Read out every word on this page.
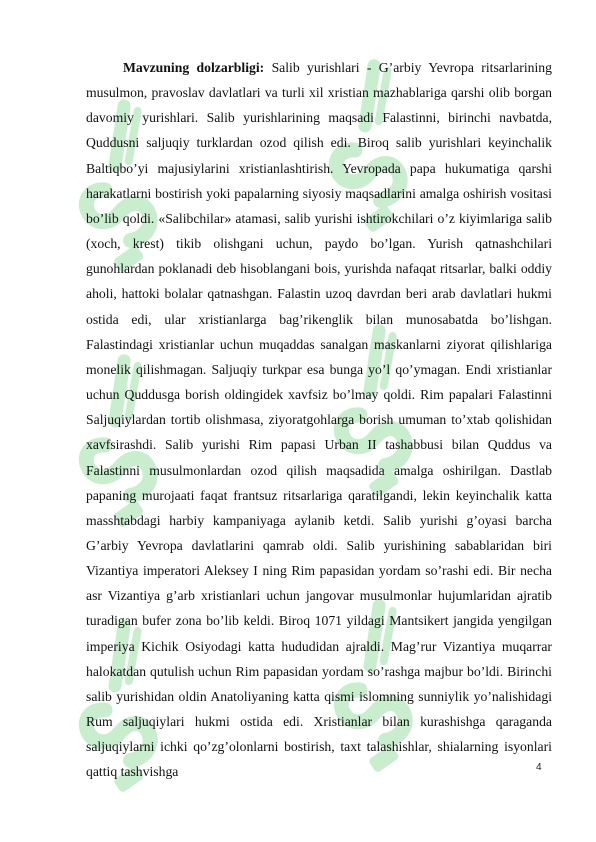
Mavzuning dolzarbligi: Salib yurishlari - G’arbiy Yevropa ritsarlarining musulmon, pravoslav davlatlari va turli xil xristian mazhablariga qarshi olib borgan davomiy yurishlari. Salib yurishlarining maqsadi Falastinni, birinchi navbatda, Quddusni saljuqiy turklardan ozod qilish edi. Biroq salib yurishlari keyinchalik Baltiqbo’yi majusiylarini xristianlashtirish. Yevropada papa hukumatiga qarshi harakatlarni bostirish yoki papalarning siyosiy maqsadlarini amalga oshirish vositasi bo’lib qoldi. «Salibchilar» atamasi, salib yurishi ishtirokchilari o’z kiyimlariga salib (xoch, krest) tikib olishgani uchun, paydo bo’lgan. Yurish qatnashchilari gunohlardan poklanadi deb hisoblangani bois, yurishda nafaqat ritsarlar, balki oddiy aholi, hattoki bolalar qatnashgan. Falastin uzoq davrdan beri arab davlatlari hukmi ostida edi, ular xristianlarga bag’rikenglik bilan munosabatda bo’lishgan. Falastindagi xristianlar uchun muqaddas sanalgan maskanlarni ziyorat qilishlariga monelik qilishmagan. Saljuqiy turkpar esa bunga yo’l qo’ymagan. Endi xristianlar uchun Quddusga borish oldingidek xavfsiz bo’lmay qoldi. Rim papalari Falastinni Saljuqiylardan tortib olishmasa, ziyoratgohlarga borish umuman to’xtab qolishidan xavfsirashdi. Salib yurishi Rim papasi Urban II tashabbusi bilan Quddus va Falastinni musulmonlardan ozod qilish maqsadida amalga oshirilgan. Dastlab papaning murojaati faqat frantsuz ritsarlariga qaratilgandi, lekin keyinchalik katta masshtabdagi harbiy kampaniyaga aylanib ketdi. Salib yurishi g’oyasi barcha G’arbiy Yevropa davlatlarini qamrab oldi. Salib yurishining sabablaridan biri Vizantiya imperatori Aleksey I ning Rim papasidan yordam so’rashi edi. Bir necha asr Vizantiya g’arb xristianlari uchun jangovar musulmonlar hujumlaridan ajratib turadigan bufer zona bo’lib keldi. Biroq 1071 yildagi Mantsikert jangida yengilgan imperiya Kichik Osiyodagi katta hududidan ajraldi. Mag’rur Vizantiya muqarrar halokatdan qutulish uchun Rim papasidan yordam so’rashga majbur bo’ldi. Birinchi salib yurishidan oldin Anatoliyaning katta qismi islomning sunniylik yo’nalishidagi Rum saljuqiylari hukmi ostida edi. Xristianlar bilan kurashishga qaraganda saljuqiylarni ichki qo’zg’olonlarni bostirish, taxt talashishlar, shialarning isyonlari qattiq tashvishga	4
